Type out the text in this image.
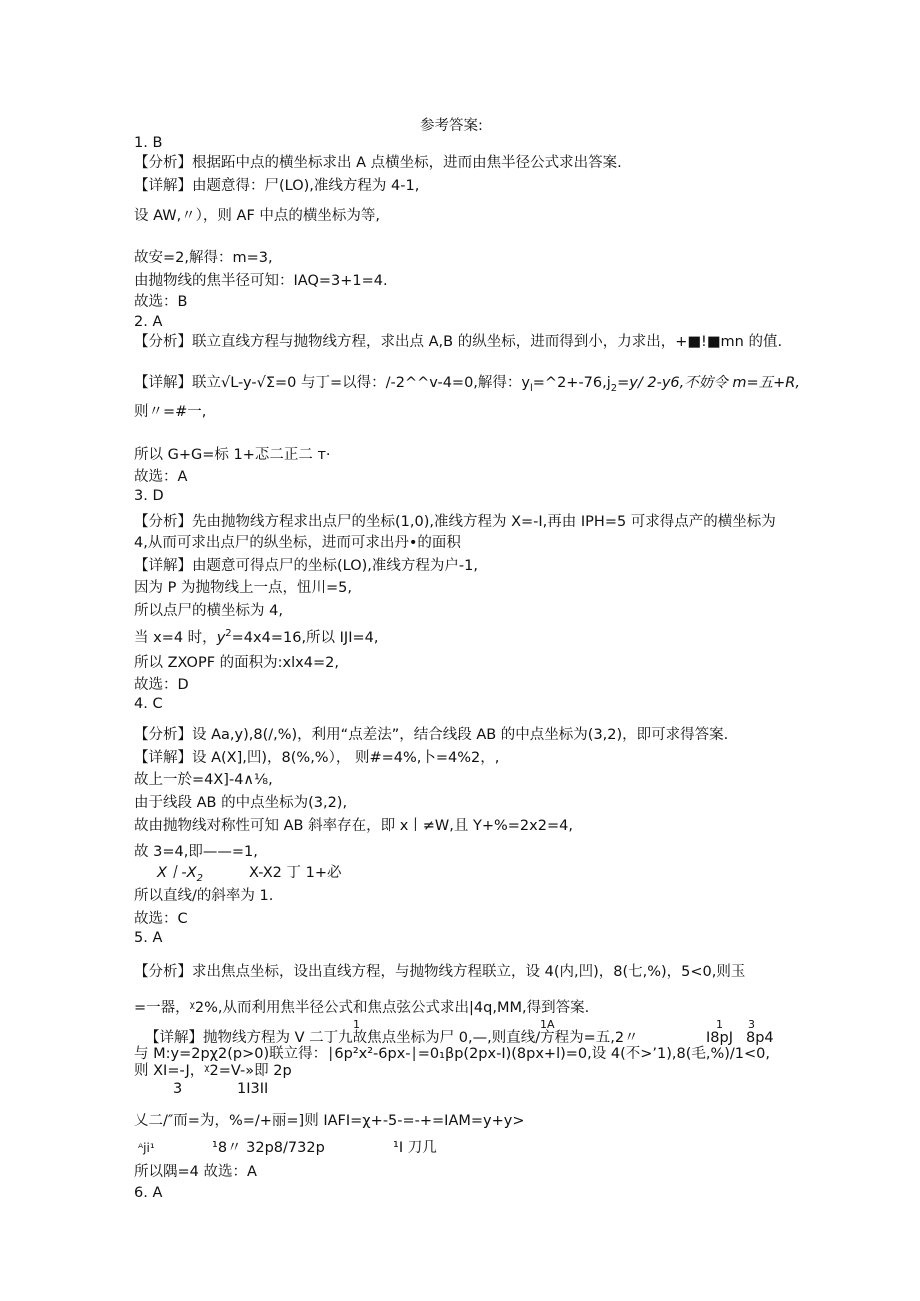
参考答案:
1. B
【分析】根据跖中点的横坐标求出 A 点横坐标，进而由焦半径公式求出答案.
【详解】由题意得：尸(LO),准线方程为 4-1,
设 AW,〃），则 AF 中点的横坐标为等,
故安=2,解得：m=3,
由抛物线的焦半径可知：IAQ=3+1=4.
故选：B
2. A
【分析】联立直线方程与抛物线方程，求出点 A,B 的纵坐标，进而得到小，力求出，+■!■mn 的值.
【详解】联立√L-y-√Σ=0 与丁=以得：/-2^^v-4=0,解得：$y_l=\^{}2+-76,j_2=y/$ 2-y6,不妨令 m=五+R,
则〃=#一,
所以 G+G=标 1+忑二正二 т·
故选：A
3. D
【分析】先由抛物线方程求出点尸的坐标(1,0),准线方程为 X=-I,再由 IPH=5 可求得点产的横坐标为 4,从而可求出点尸的纵坐标，进而可求出丹•的面积
【详解】由题意可得点尸的坐标(LO),准线方程为户-1,
因为 P 为抛物线上一点，忸川=5,
所以点尸的横坐标为 4,
当 x=4 时，$y^2=4x4=16$,所以 IJI=4,
所以 ZXOPF 的面积为:xlx4=2,
故选：D
4. C
【分析】设 Aa,y),8(/,%)，利用“点差法”，结合线段 AB 的中点坐标为(3,2)，即可求得答案.
【详解】设 A(X],凹)，8(%,%）， 则#=4%,卜=4%2，,
故上一於=4X]-4∧⅛,
由于线段 AB 的中点坐标为(3,2),
故由抛物线对称性可知 AB 斜率存在，即 x丨≠W,且 Y+%=2x2=4,
故 3=4,即——=1,
X丨$-X_2$	X-X2 丁 1+必
所以直线/的斜率为 1.
故选：C
5. A
【分析】求出焦点坐标，设出直线方程，与抛物线方程联立，设 4(内,凹)，8(七,%)，5<0,则玉
=一器，ᵡ2%,从而利用焦半径公式和焦点弦公式求出|4q,MM,得到答案.
1	1A	1 3
【详解】抛物线方程为 V 二丁九故焦点坐标为尸 0,—,则直线/方程为=五,2〃	I8pJ 8p4
与 M:y=2pχ2(p>0)联立得：∣6p²x²-6px-∣=0₁βp(2px-I)(8px+l)=0,设 4(不>’1),8(毛,%)/1<0,
则 XI=-J，ᵡ2=V-»即 2p
3	1I3II
乂二/″而=为，%=/+丽=]则 IAFI=χ+-5-=-+=IAM=y+y>
ᴬji¹	¹8〃 32p8/732p	¹I 刀几
所以隅=4 故选：A
6. A
